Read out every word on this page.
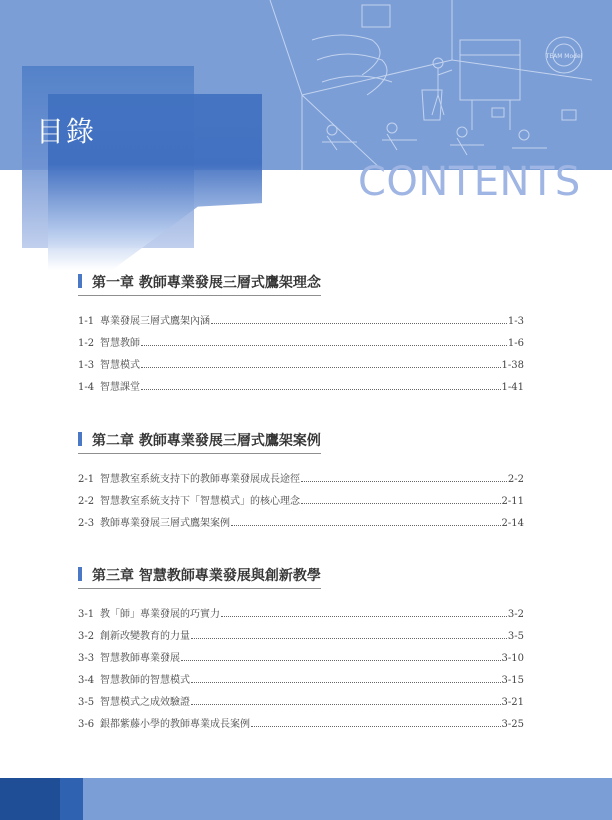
TEAM Model
目錄
CONTENTS
第一章 教師專業發展三層式鷹架理念
1-1 專業發展三層式鷹架內涵	1-3
1-2 智慧教師	1-6
1-3 智慧模式	1-38
1-4 智慧課堂	1-41
第二章 教師專業發展三層式鷹架案例
2-1 智慧教室系統支持下的教師專業發展成長途徑	2-2
2-2 智慧教室系統支持下「智慧模式」的核心理念	2-11
2-3 教師專業發展三層式鷹架案例	2-14
第三章 智慧教師專業發展與創新教學
3-1 教「師」專業發展的巧實力	3-2
3-2 創新改變教育的力量	3-5
3-3 智慧教師專業發展	3-10
3-4 智慧教師的智慧模式	3-15
3-5 智慧模式之成效驗證	3-21
3-6 銀都紫藤小學的教師專業成長案例	3-25
